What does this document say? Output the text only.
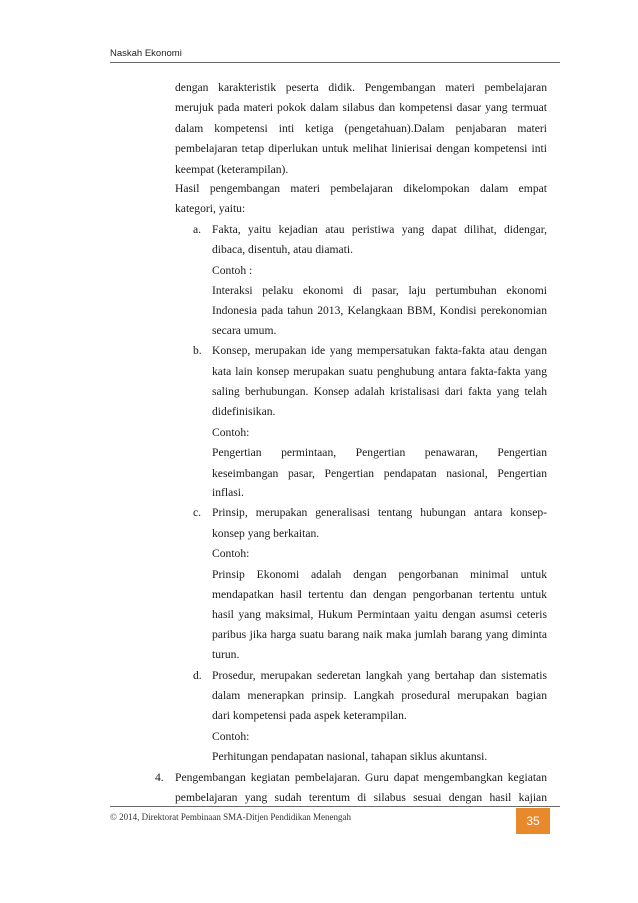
Naskah Ekonomi
dengan karakteristik peserta didik. Pengembangan materi pembelajaran
merujuk pada materi pokok dalam silabus dan kompetensi dasar yang termuat
dalam kompetensi inti ketiga (pengetahuan).Dalam penjabaran materi
pembelajaran tetap diperlukan untuk melihat linierisai dengan kompetensi inti
keempat (keterampilan).
Hasil pengembangan materi pembelajaran dikelompokan dalam empat
kategori, yaitu:
a. Fakta, yaitu kejadian atau peristiwa yang dapat dilihat, didengar,
dibaca, disentuh, atau diamati.
Contoh :
Interaksi pelaku ekonomi di pasar, laju pertumbuhan ekonomi
Indonesia pada tahun 2013, Kelangkaan BBM, Kondisi perekonomian
secara umum.
b. Konsep, merupakan ide yang mempersatukan fakta-fakta atau dengan
kata lain konsep merupakan suatu penghubung antara fakta-fakta yang
saling berhubungan. Konsep adalah kristalisasi dari fakta yang telah
didefinisikan.
Contoh:
Pengertian permintaan, Pengertian penawaran, Pengertian
keseimbangan pasar, Pengertian pendapatan nasional, Pengertian
inflasi.
c. Prinsip, merupakan generalisasi tentang hubungan antara konsep-
konsep yang berkaitan.
Contoh:
Prinsip Ekonomi adalah dengan pengorbanan minimal untuk
mendapatkan hasil tertentu dan dengan pengorbanan tertentu untuk
hasil yang maksimal, Hukum Permintaan yaitu dengan asumsi ceteris
paribus jika harga suatu barang naik maka jumlah barang yang diminta
turun.
d. Prosedur, merupakan sederetan langkah yang bertahap dan sistematis
dalam menerapkan prinsip. Langkah prosedural merupakan bagian
dari kompetensi pada aspek keterampilan.
Contoh:
Perhitungan pendapatan nasional, tahapan siklus akuntansi.
4. Pengembangan kegiatan pembelajaran. Guru dapat mengembangkan kegiatan
pembelajaran yang sudah terentum di silabus sesuai dengan hasil kajian
© 2014, Direktorat Pembinaan SMA-Ditjen Pendidikan Menengah	35
